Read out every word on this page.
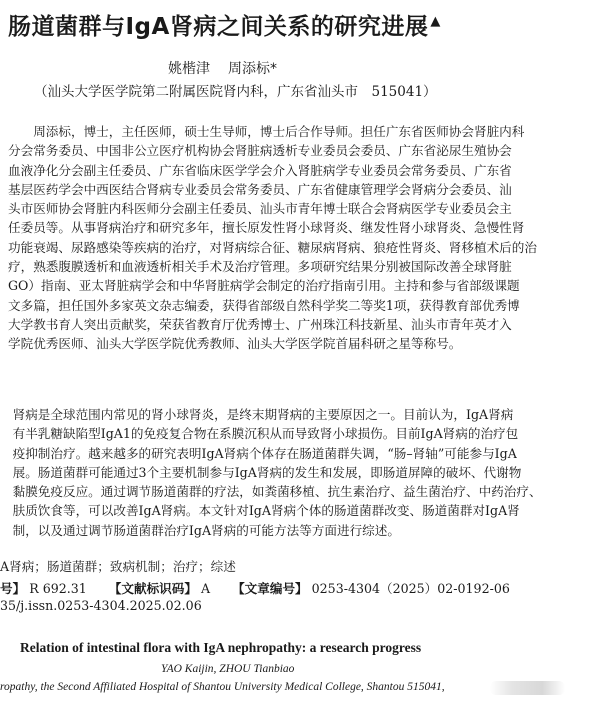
肠道菌群与IgA肾病之间关系的研究进展 ▲
姚楷津 周添标*
（汕头大学医学院第二附属医院肾内科，广东省汕头市　515041）
　　周添标，博士，主任医师，硕士生导师，博士后合作导师。担任广东省医师协会肾脏内科
分会常务委员、中国非公立医疗机构协会肾脏病透析专业委员会委员、广东省泌尿生殖协会
血液净化分会副主任委员、广东省临床医学学会介入肾脏病学专业委员会常务委员、广东省
基层医药学会中西医结合肾病专业委员会常务委员、广东省健康管理学会肾病分会委员、汕
头市医师协会肾脏内科医师分会副主任委员、汕头市青年博士联合会肾病医学专业委员会主
任委员等。从事肾病治疗和研究多年，擅长原发性肾小球肾炎、继发性肾小球肾炎、急慢性肾
功能衰竭、尿路感染等疾病的治疗，对肾病综合征、糖尿病肾病、狼疮性肾炎、肾移植术后的治
疗，熟悉腹膜透析和血液透析相关手术及治疗管理。多项研究结果分别被国际改善全球肾脏
GO）指南、亚太肾脏病学会和中华肾脏病学会制定的治疗指南引用。主持和参与省部级课题
文多篇，担任国外多家英文杂志编委，获得省部级自然科学奖二等奖1项，获得教育部优秀博
大学教书育人突出贡献奖，荣获省教育厅优秀博士、广州珠江科技新星、汕头市青年英才入
学院优秀医师、汕头大学医学院优秀教师、汕头大学医学院首届科研之星等称号。
　肾病是全球范围内常见的肾小球肾炎，是终末期肾病的主要原因之一。目前认为，IgA肾病
　有半乳糖缺陷型IgA1的免疫复合物在系膜沉积从而导致肾小球损伤。目前IgA肾病的治疗包
　疫抑制治疗。越来越多的研究表明IgA肾病个体存在肠道菌群失调，“肠–肾轴”可能参与IgA
　展。肠道菌群可能通过3个主要机制参与IgA肾病的发生和发展，即肠道屏障的破坏、代谢物
　黏膜免疫反应。通过调节肠道菌群的疗法，如粪菌移植、抗生素治疗、益生菌治疗、中药治疗、
　肤质饮食等，可以改善IgA肾病。本文针对IgA肾病个体的肠道菌群改变、肠道菌群对IgA肾
　制，以及通过调节肠道菌群治疗IgA肾病的可能方法等方面进行综述。
A肾病；肠道菌群；致病机制；治疗；综述
号】 R 692.31 【文献标识码】 A 【文章编号】 0253-4304（2025）02-0192-06
35/j.issn.0253-4304.2025.02.06
Relation of intestinal flora with IgA nephropathy: a research progress
YAO Kaijin, ZHOU Tianbiao
ropathy, the Second Affiliated Hospital of Shantou University Medical College, Shantou 515041,
